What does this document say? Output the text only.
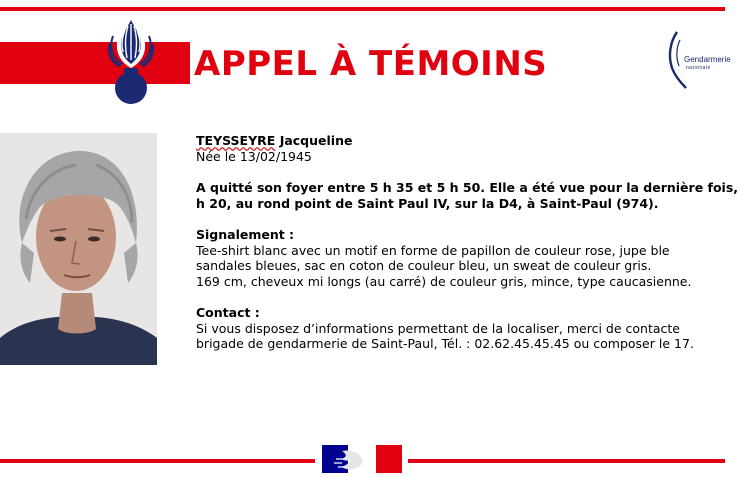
APPEL À TÉMOINS	Gendarmerie
nationale

TEYSSEYRE Jacqueline

Née le 13/02/1945

A quitté son foyer entre 5 h 35 et 5 h 50. Elle a été vue pour la dernière fois,

h 20, au rond point de Saint Paul IV, sur la D4, à Saint-Paul (974).

Signalement :

Tee-shirt blanc avec un motif en forme de papillon de couleur rose, jupe ble

sandales bleues, sac en coton de couleur bleu, un sweat de couleur gris.

169 cm, cheveux mi longs (au carré) de couleur gris, mince, type caucasienne.

Contact :

Si vous disposez d’informations permettant de la localiser, merci de contacte

brigade de gendarmerie de Saint-Paul, Tél. : 02.62.45.45.45 ou composer le 17.
